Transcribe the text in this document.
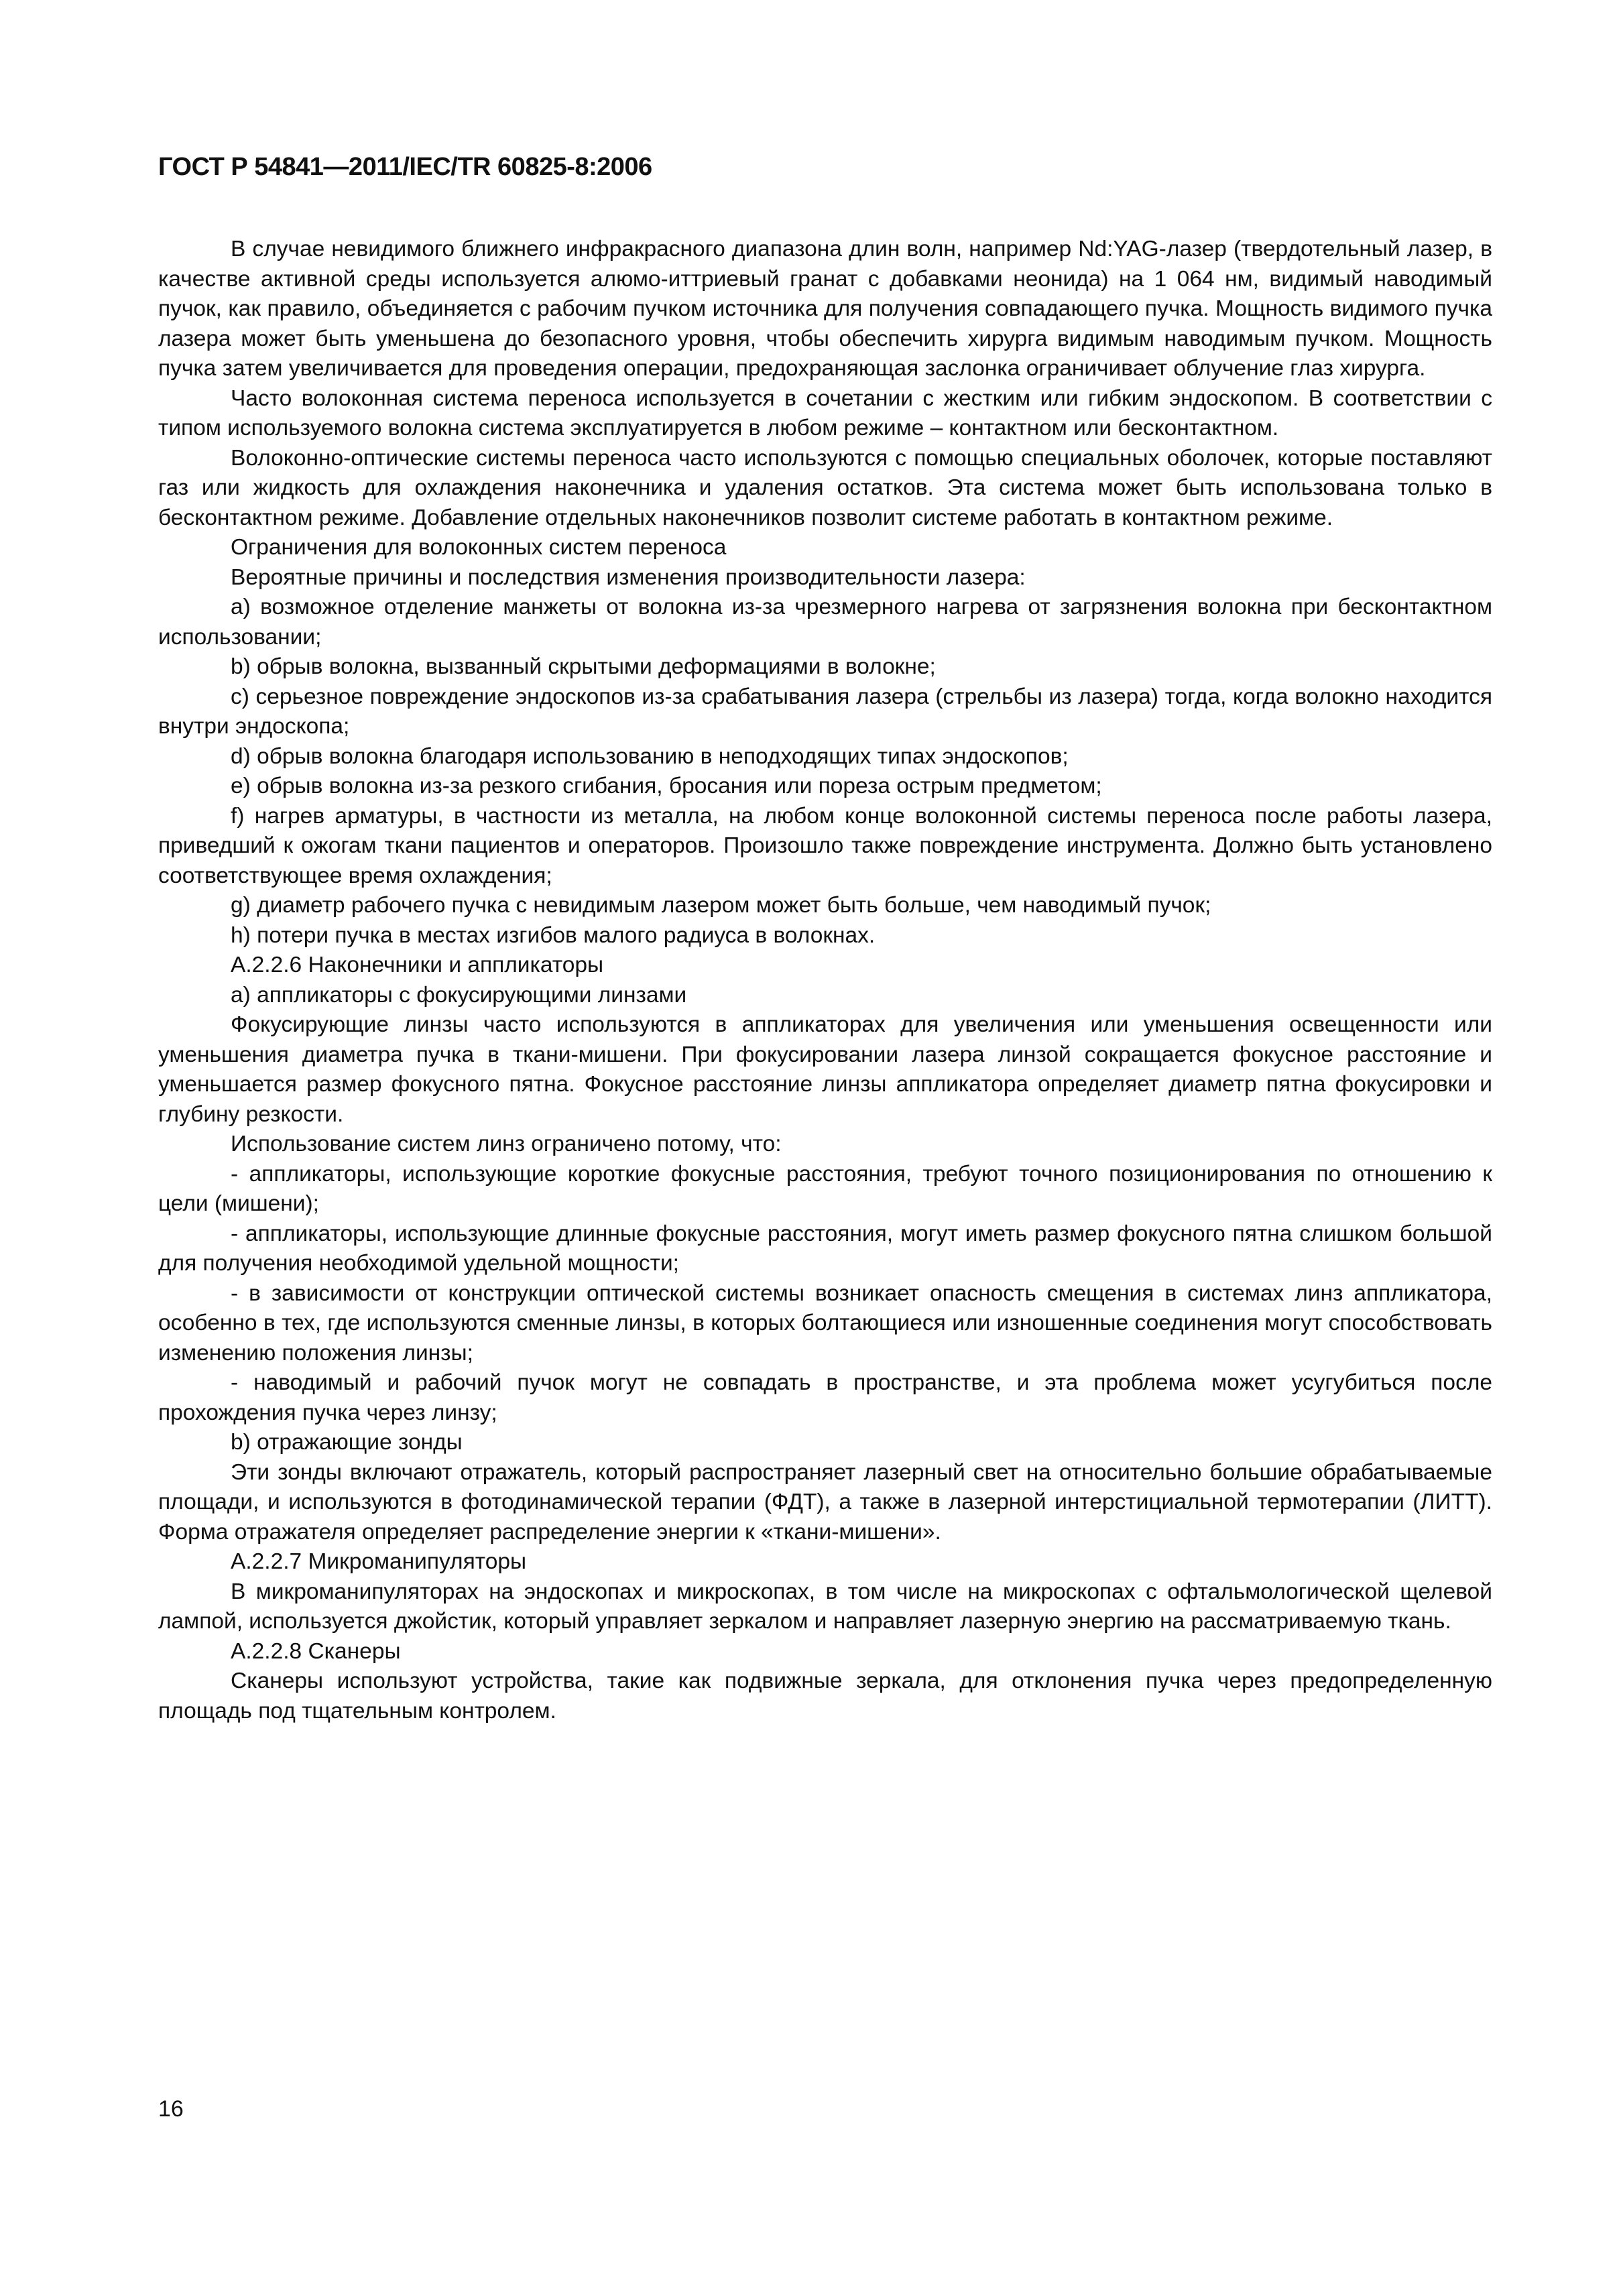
ГОСТ Р 54841—2011/IEC/TR 60825-8:2006

В случае невидимого ближнего инфракрасного диапазона длин волн, например Nd:YAG-лазер (твердотельный лазер, в качестве активной среды используется алюмо-иттриевый гранат с добавками неонида) на 1 064 нм, видимый наводимый пучок, как правило, объединяется с рабочим пучком источника для получения совпадающего пучка. Мощность видимого пучка лазера может быть уменьшена до безопасного уровня, чтобы обеспечить хирурга видимым наводимым пучком. Мощность пучка затем увеличивается для проведения операции, предохраняющая заслонка ограничивает облучение глаз хирурга.

Часто волоконная система переноса используется в сочетании с жестким или гибким эндоскопом. В соответствии с типом используемого волокна система эксплуатируется в любом режиме – контактном или бесконтактном.

Волоконно-оптические системы переноса часто используются с помощью специальных оболочек, которые поставляют газ или жидкость для охлаждения наконечника и удаления остатков. Эта система может быть использована только в бесконтактном режиме. Добавление отдельных наконечников позволит системе работать в контактном режиме.

Ограничения для волоконных систем переноса

Вероятные причины и последствия изменения производительности лазера:

a) возможное отделение манжеты от волокна из-за чрезмерного нагрева от загрязнения волокна при бесконтактном использовании;

b) обрыв волокна, вызванный скрытыми деформациями в волокне;

c) серьезное повреждение эндоскопов из-за срабатывания лазера (стрельбы из лазера) тогда, когда волокно находится внутри эндоскопа;

d) обрыв волокна благодаря использованию в неподходящих типах эндоскопов;

e) обрыв волокна из-за резкого сгибания, бросания или пореза острым предметом;

f) нагрев арматуры, в частности из металла, на любом конце волоконной системы переноса после работы лазера, приведший к ожогам ткани пациентов и операторов. Произошло также повреждение инструмента. Должно быть установлено соответствующее время охлаждения;

g) диаметр рабочего пучка с невидимым лазером может быть больше, чем наводимый пучок;

h) потери пучка в местах изгибов малого радиуса в волокнах.

A.2.2.6 Наконечники и аппликаторы

a) аппликаторы с фокусирующими линзами

Фокусирующие линзы часто используются в аппликаторах для увеличения или уменьшения освещенности или уменьшения диаметра пучка в ткани-мишени. При фокусировании лазера линзой сокращается фокусное расстояние и уменьшается размер фокусного пятна. Фокусное расстояние линзы аппликатора определяет диаметр пятна фокусировки и глубину резкости.

Использование систем линз ограничено потому, что:

- аппликаторы, использующие короткие фокусные расстояния, требуют точного позиционирования по отношению к цели (мишени);

- аппликаторы, использующие длинные фокусные расстояния, могут иметь размер фокусного пятна слишком большой для получения необходимой удельной мощности;

- в зависимости от конструкции оптической системы возникает опасность смещения в системах линз аппликатора, особенно в тех, где используются сменные линзы, в которых болтающиеся или изношенные соединения могут способствовать изменению положения линзы;

- наводимый и рабочий пучок могут не совпадать в пространстве, и эта проблема может усугубиться после прохождения пучка через линзу;

b) отражающие зонды

Эти зонды включают отражатель, который распространяет лазерный свет на относительно большие обрабатываемые площади, и используются в фотодинамической терапии (ФДТ), а также в лазерной интерстициальной термотерапии (ЛИТТ). Форма отражателя определяет распределение энергии к «ткани-мишени».

A.2.2.7 Микроманипуляторы

В микроманипуляторах на эндоскопах и микроскопах, в том числе на микроскопах с офтальмологической щелевой лампой, используется джойстик, который управляет зеркалом и направляет лазерную энергию на рассматриваемую ткань.

A.2.2.8 Сканеры

Сканеры используют устройства, такие как подвижные зеркала, для отклонения пучка через предопределенную площадь под тщательным контролем.

16
